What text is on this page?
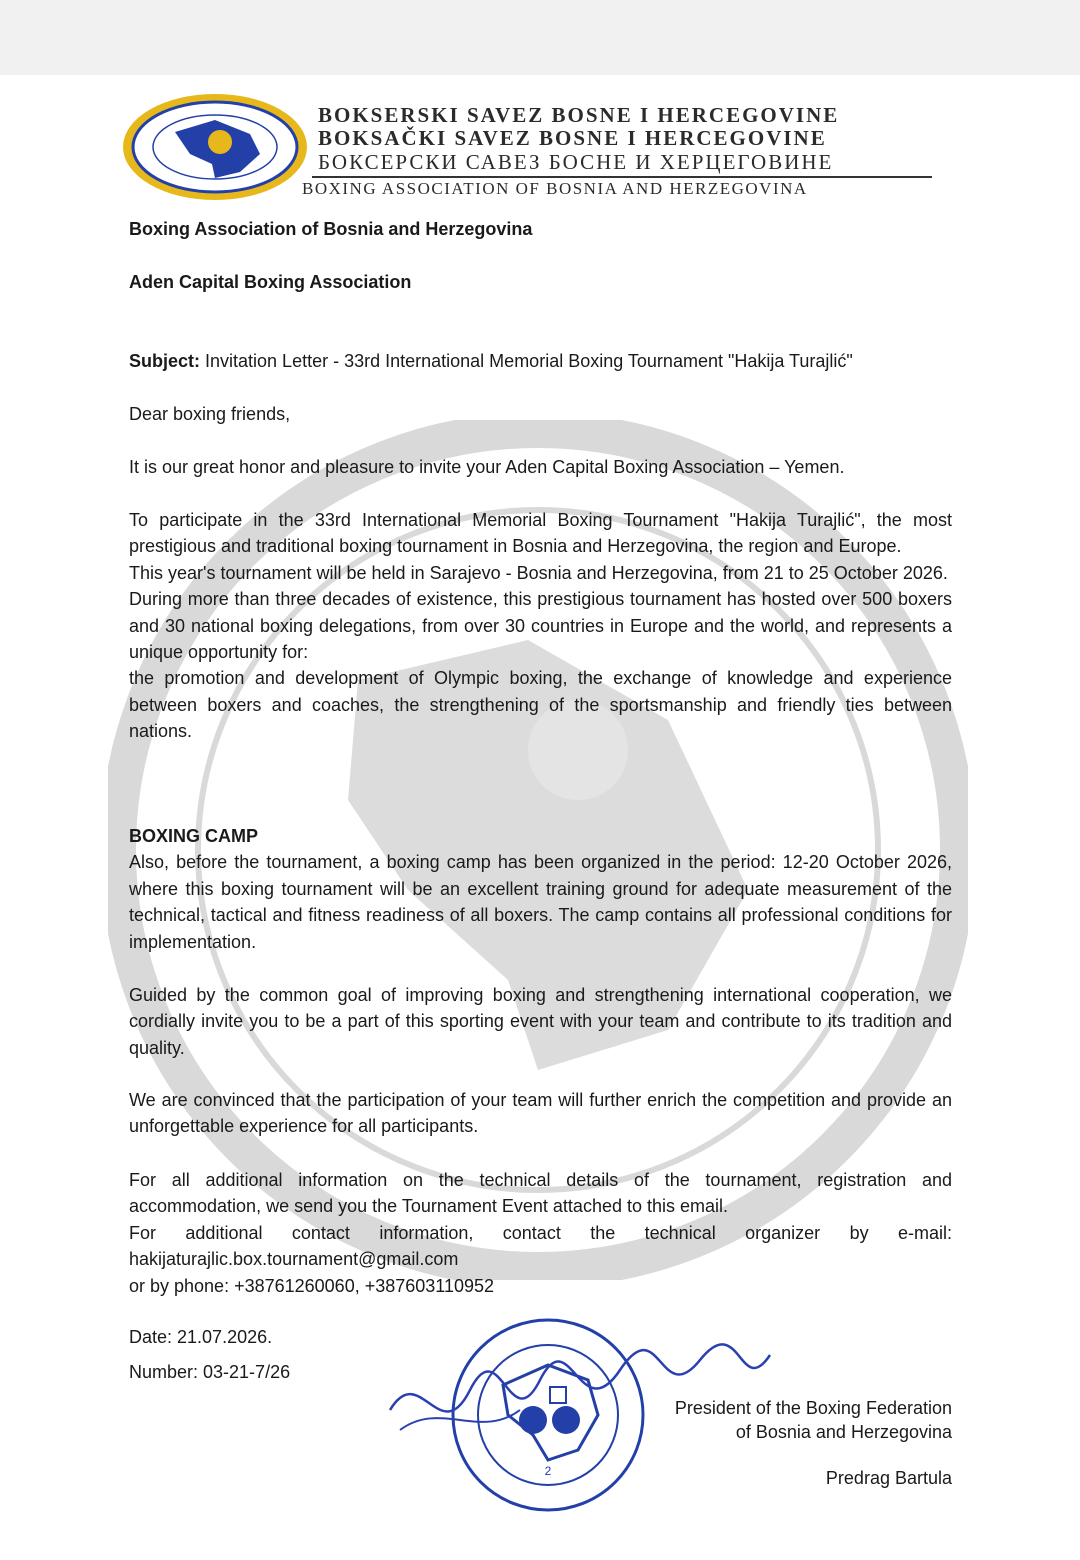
BOKSERSKI SAVEZ BOSNE I HERCEGOVINE
BOKSAČKI SAVEZ BOSNE I HERCEGOVINE
БОКСЕРСКИ САВЕЗ БОСНЕ И ХЕРЦЕГОВИНЕ
BOXING ASSOCIATION OF BOSNIA AND HERZEGOVINA
Boxing Association of Bosnia and Herzegovina
Aden Capital Boxing Association
Subject: Invitation Letter - 33rd International Memorial Boxing Tournament "Hakija Turajlić"
Dear boxing friends,
It is our great honor and pleasure to invite your Aden Capital Boxing Association – Yemen.

To participate in the 33rd International Memorial Boxing Tournament "Hakija Turajlić", the most prestigious and traditional boxing tournament in Bosnia and Herzegovina, the region and Europe.

This year's tournament will be held in Sarajevo - Bosnia and Herzegovina, from 21 to 25 October 2026.

During more than three decades of existence, this prestigious tournament has hosted over 500 boxers and 30 national boxing delegations, from over 30 countries in Europe and the world, and represents a unique opportunity for:

the promotion and development of Olympic boxing, the exchange of knowledge and experience between boxers and coaches, the strengthening of the sportsmanship and friendly ties between nations.

BOXING CAMP

Also, before the tournament, a boxing camp has been organized in the period: 12-20 October 2026, where this boxing tournament will be an excellent training ground for adequate measurement of the technical, tactical and fitness readiness of all boxers. The camp contains all professional conditions for implementation.

Guided by the common goal of improving boxing and strengthening international cooperation, we cordially invite you to be a part of this sporting event with your team and contribute to its tradition and quality.
We are convinced that the participation of your team will further enrich the competition and provide an unforgettable experience for all participants.

For all additional information on the technical details of the tournament, registration and accommodation, we send you the Tournament Event attached to this email.

For additional contact information, contact the technical organizer by e-mail:

hakijaturajlic.box.tournament@gmail.com

or by phone: +38761260060, +387603110952

Date: 21.07.2026.
Number: 03-21-7/26
2
President of the Boxing Federation
of Bosnia and Herzegovina
Predrag Bartula
